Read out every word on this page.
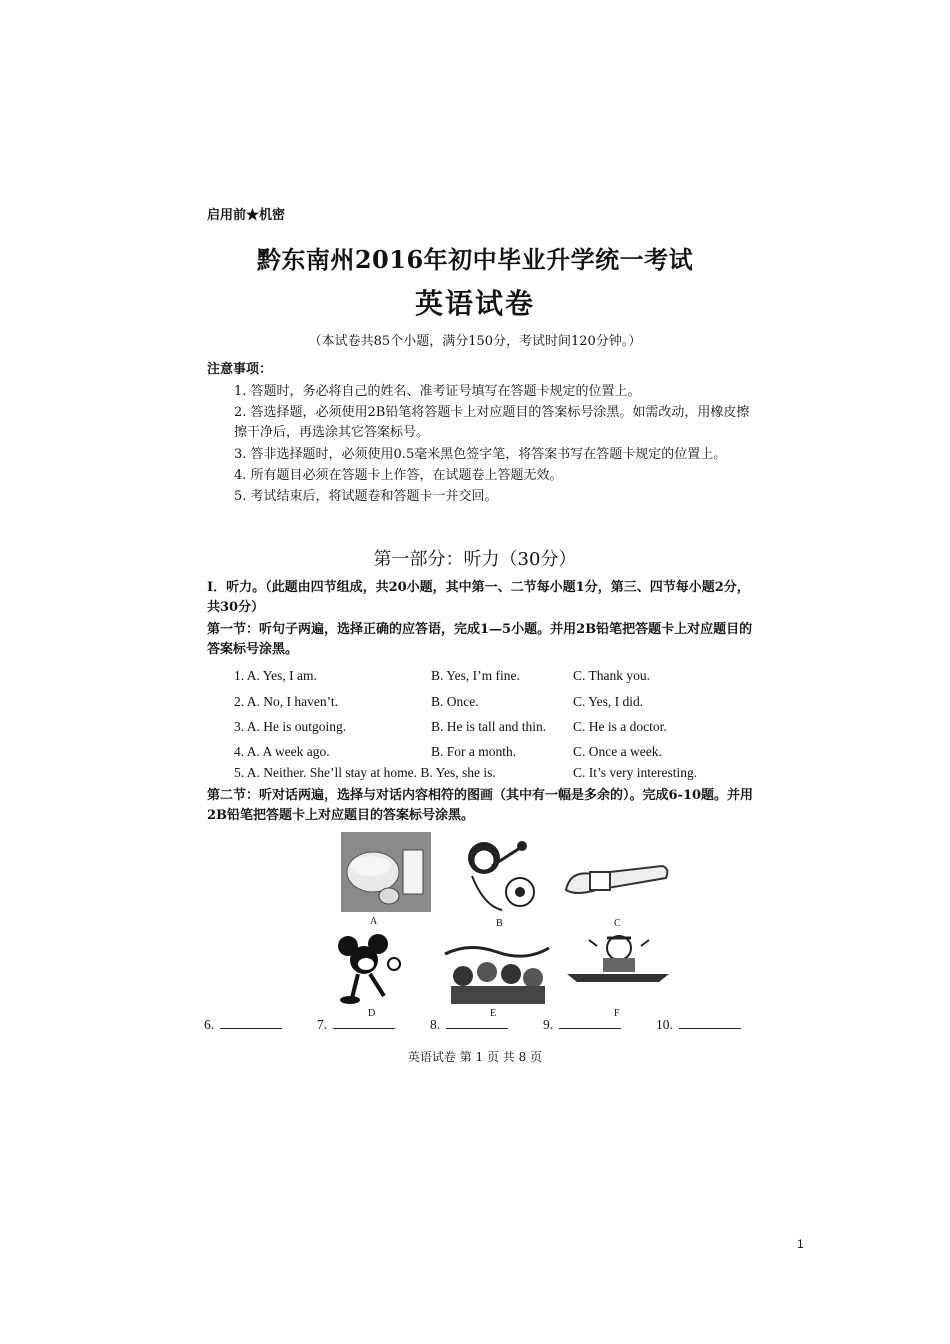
启用前★机密
黔东南州2016年初中毕业升学统一考试
英语试卷
（本试卷共85个小题，满分150分，考试时间120分钟。）
注意事项：
1. 答题时，务必将自己的姓名、准考证号填写在答题卡规定的位置上。
2. 答选择题，必须使用2B铅笔将答题卡上对应题目的答案标号涂黑。如需改动，用橡皮擦擦干净后，再选涂其它答案标号。
3. 答非选择题时，必须使用0.5毫米黑色签字笔，将答案书写在答题卡规定的位置上。
4. 所有题目必须在答题卡上作答，在试题卷上答题无效。
5. 考试结束后，将试题卷和答题卡一并交回。
第一部分：听力（30分）
Ⅰ．听力。（此题由四节组成，共20小题，其中第一、二节每小题1分，第三、四节每小题2分，共30分）
第一节：听句子两遍，选择正确的应答语，完成1—5小题。并用2B铅笔把答题卡上对应题目的答案标号涂黑。
1. A. Yes, I am.	B. Yes, I’m fine.	C. Thank you.
2. A. No, I haven’t.	B. Once.	C. Yes, I did.
3. A. He is outgoing.	B. He is tall and thin. C. He is a doctor.
4. A. A week ago.	B. For a month.	C. Once a week.
5. A. Neither. She’ll stay at home. B. Yes, she is.	C. It’s very interesting.
第二节：听对话两遍，选择与对话内容相符的图画（其中有一幅是多余的）。完成6-10题。并用2B铅笔把答题卡上对应题目的答案标号涂黑。
A	B	C
D	E	F
6.	7.	8.	9.	10.
英语试卷 第 1 页 共 8 页
1
